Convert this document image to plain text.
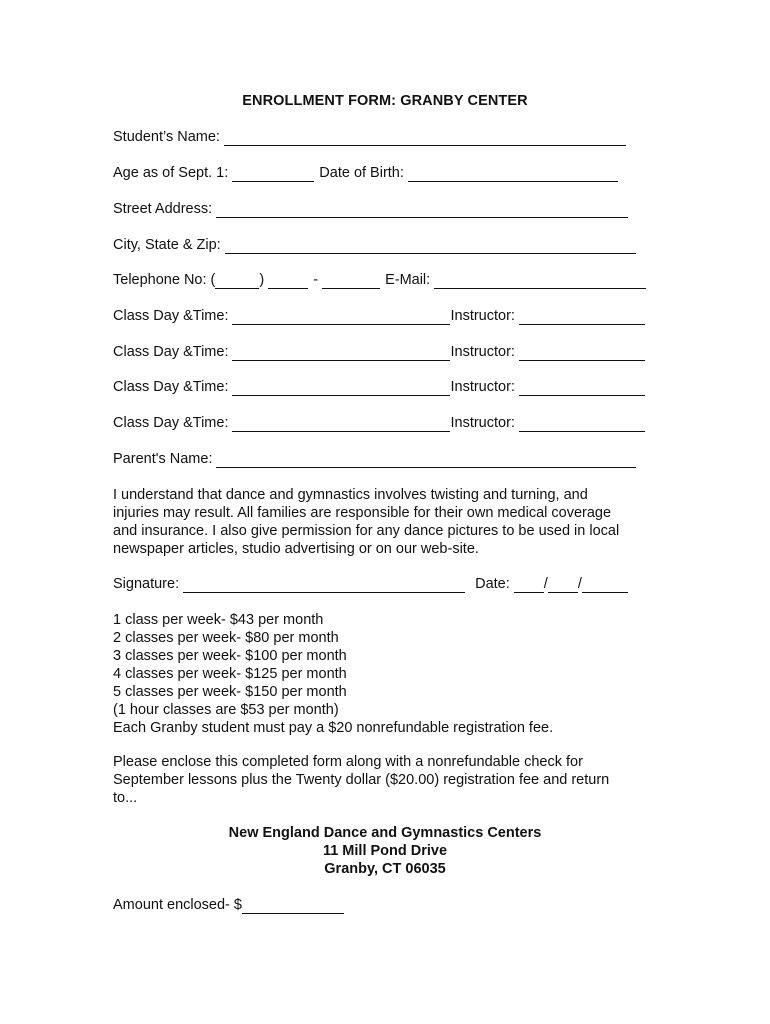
ENROLLMENT FORM: GRANBY CENTER
Student’s Name:
Age as of Sept. 1:	Date of Birth:
Street Address:
City, State & Zip:
Telephone No: (	)	-	E-Mail:
Class Day &Time:	Instructor:
Class Day &Time:	Instructor:
Class Day &Time:	Instructor:
Class Day &Time:	Instructor:
Parent's Name:
I understand that dance and gymnastics involves twisting and turning, and
injuries may result. All families are responsible for their own medical coverage
and insurance. I also give permission for any dance pictures to be used in local
newspaper articles, studio advertising or on our web-site.
Signature:	Date: / /
1 class per week- $43 per month
2 classes per week- $80 per month
3 classes per week- $100 per month
4 classes per week- $125 per month
5 classes per week- $150 per month
(1 hour classes are $53 per month)
Each Granby student must pay a $20 nonrefundable registration fee.
Please enclose this completed form along with a nonrefundable check for
September lessons plus the Twenty dollar ($20.00) registration fee and return
to...
New England Dance and Gymnastics Centers
11 Mill Pond Drive
Granby, CT 06035
Amount enclosed- $
